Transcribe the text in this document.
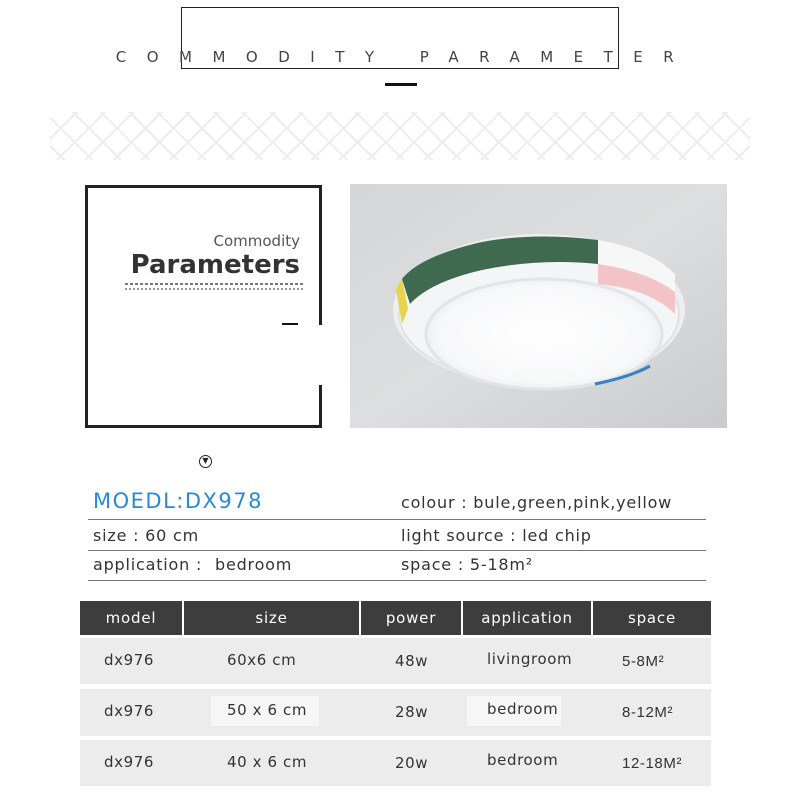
COMMODITY PARAMETER
Commodity
Parameters
▼
MOEDL:DX978	colour : bule,green,pink,yellow
size : 60 cm	light source : led chip
application : bedroom	space : 5-18m²
model	size	power	application	space
dx976	60x6 cm	48w	livingroom	5-8M²
dx976	50 x 6 cm	28w	bedroom	8-12M²
dx976	40 x 6 cm	20w	bedroom	12-18M²
